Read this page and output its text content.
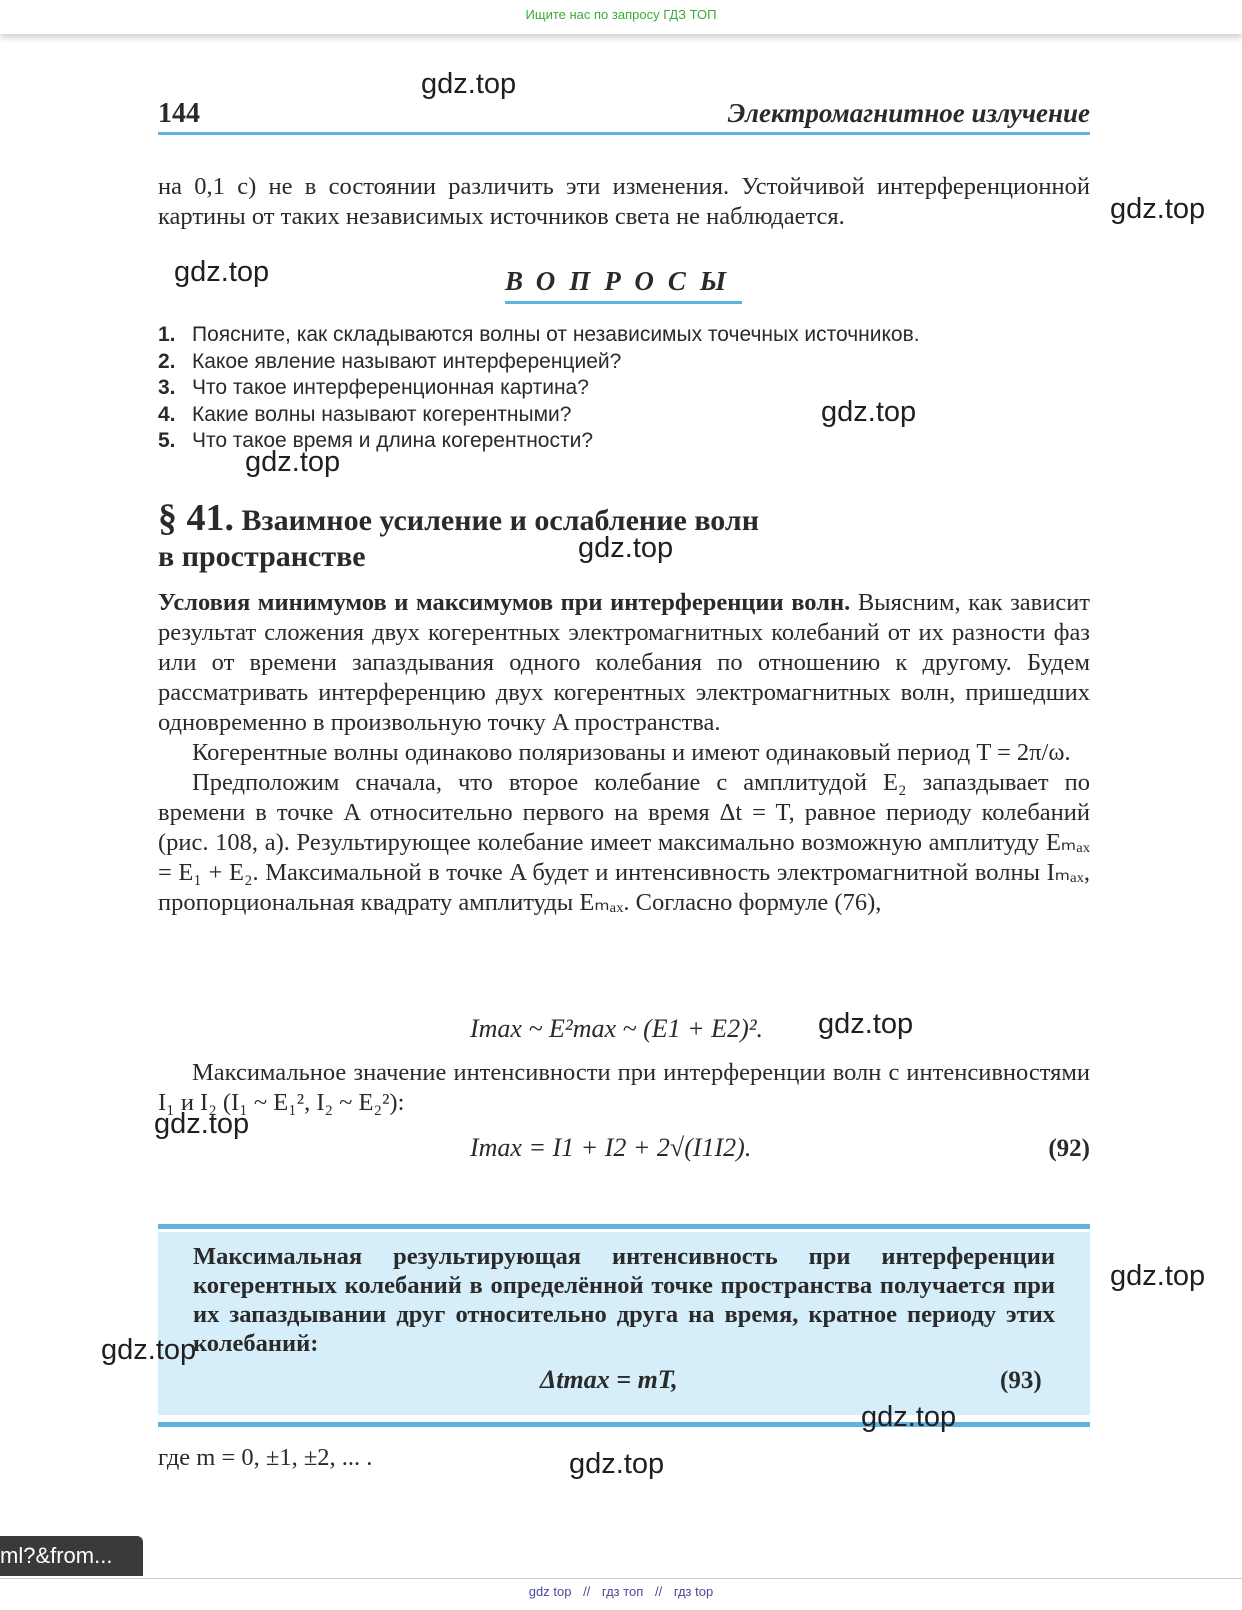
Ищите нас по запросу ГДЗ ТОП
144	Электромагнитное излучение

на 0,1 с) не в состоянии различить эти изменения. Устойчивой интерференционной картины от таких независимых источников света не наблюдается.

ВОПРОСЫ
1. Поясните, как складываются волны от независимых точечных источников.
2. Какое явление называют интерференцией?
3. Что такое интерференционная картина?
4. Какие волны называют когерентными?
5. Что такое время и длина когерентности?
§ 41. Взаимное усиление и ослабление волн
в пространстве

Условия минимумов и максимумов при интерференции волн. Выясним, как зависит результат сложения двух когерентных электромагнитных колебаний от их разности фаз или от времени запаздывания одного колебания по отношению к другому. Будем рассматривать интерференцию двух когерентных электромагнитных волн, пришедших одновременно в произвольную точку A пространства.

Когерентные волны одинаково поляризованы и имеют одинаковый период T = 2π/ω.

Предположим сначала, что второе колебание с амплитудой E₂ запаздывает по времени в точке A относительно первого на время Δt = T, равное периоду колебаний (рис. 108, а). Результирующее колебание имеет максимально возможную амплитуду Eₘₐₓ = E₁ + E₂. Максимальной в точке A будет и интенсивность электромагнитной волны Iₘₐₓ, пропорциональная квадрату амплитуды Eₘₐₓ. Согласно формуле (76),

Imax ~ E²max ~ (E1 + E2)².

Максимальное значение интенсивности при интерференции волн с интенсивностями I₁ и I₂ (I₁ ~ E₁², I₂ ~ E₂²):

Imax = I1 + I2 + 2√(I1I2).	(92)
Максимальная результирующая интенсивность при интерференции когерентных колебаний в определённой точке пространства получается при их запаздывании друг относительно друга на время, кратное периоду этих колебаний:
Δtmax = mT,	(93)
где m = 0, ±1, ±2, ... .
gdz.top
gdz.top
gdz.top
gdz.top
gdz.top
gdz.top
gdz.top
gdz.top
gdz.top
gdz.top
gdz.top
gdz.top
ml?&from...
gdz top // гдз топ // гдз top
